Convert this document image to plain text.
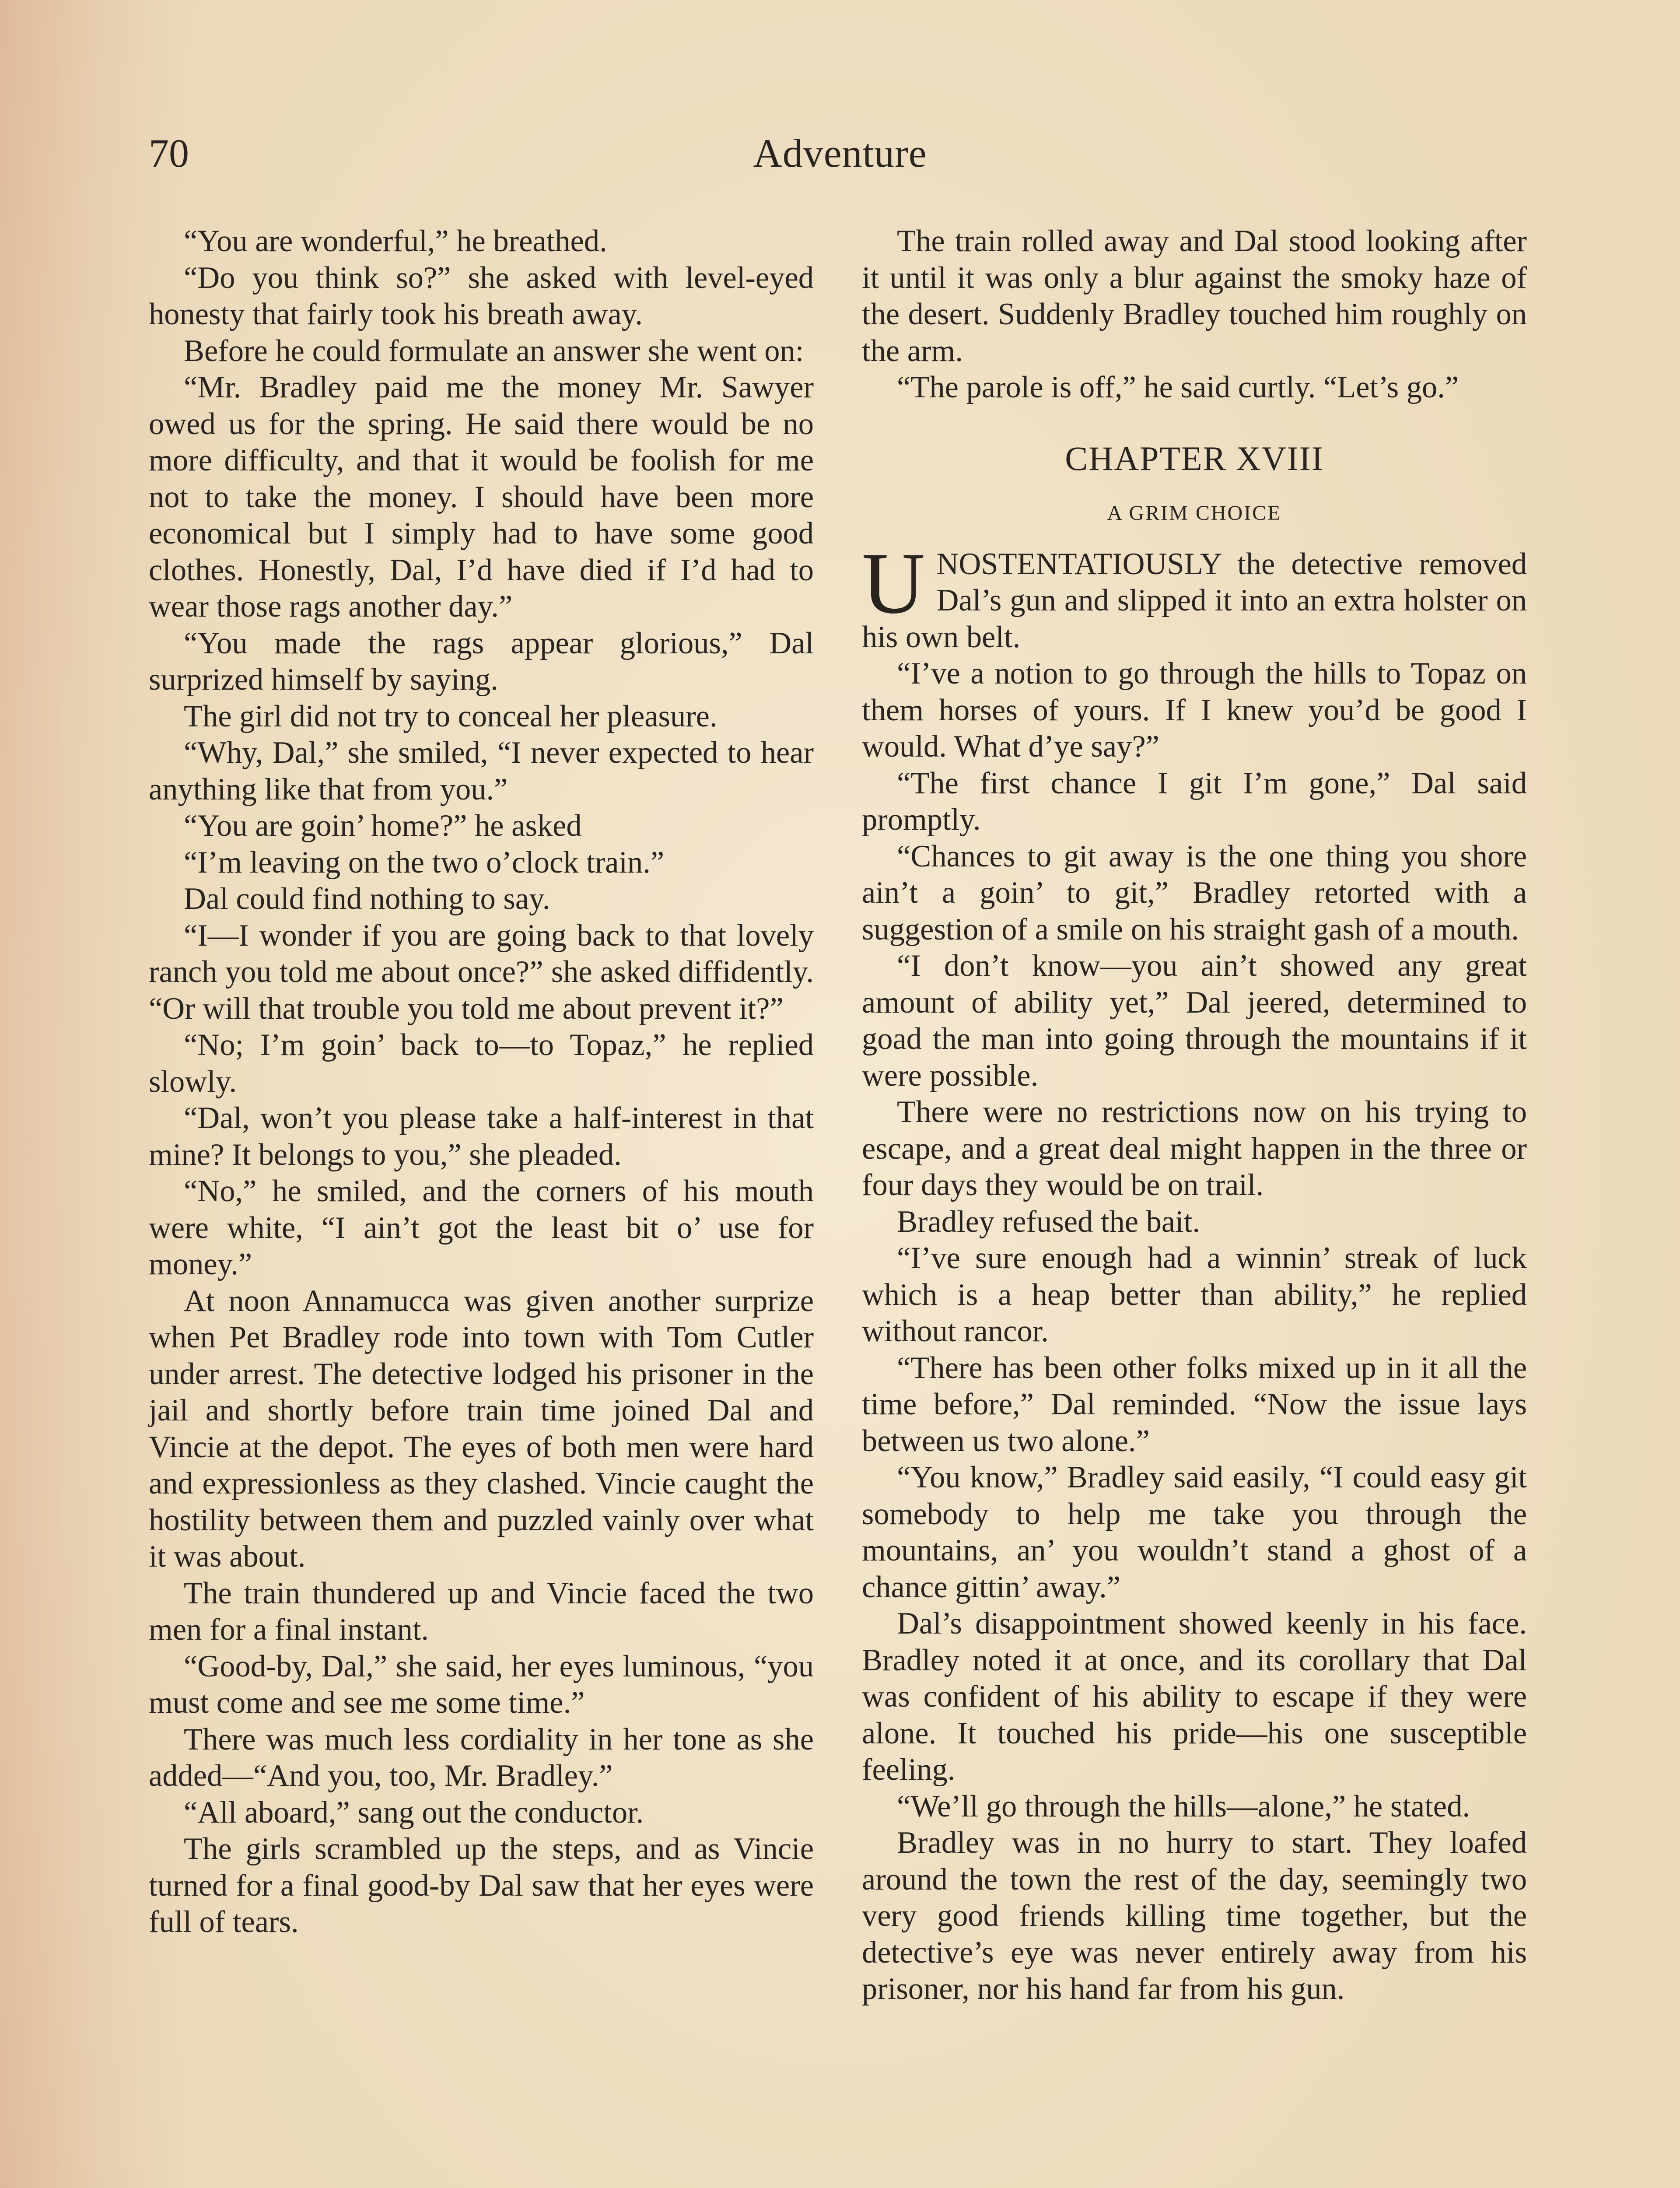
70	Adventure

“You are wonderful,” he breathed.

“Do you think so?” she asked with level-eyed honesty that fairly took his breath away.

Before he could formulate an answer she went on:

“Mr. Bradley paid me the money Mr. Sawyer owed us for the spring. He said there would be no more difficulty, and that it would be foolish for me not to take the money. I should have been more economical but I simply had to have some good clothes. Honestly, Dal, I’d have died if I’d had to wear those rags another day.”

“You made the rags appear glorious,” Dal surprized himself by saying.

The girl did not try to conceal her pleasure.

“Why, Dal,” she smiled, “I never expected to hear anything like that from you.”

“You are goin’ home?” he asked

“I’m leaving on the two o’clock train.”

Dal could find nothing to say.

“I—I wonder if you are going back to that lovely ranch you told me about once?” she asked diffidently. “Or will that trouble you told me about prevent it?”

“No; I’m goin’ back to—to Topaz,” he replied slowly.

“Dal, won’t you please take a half-interest in that mine? It belongs to you,” she pleaded.

“No,” he smiled, and the corners of his mouth were white, “I ain’t got the least bit o’ use for money.”

At noon Annamucca was given another surprize when Pet Bradley rode into town with Tom Cutler under arrest. The detective lodged his prisoner in the jail and shortly before train time joined Dal and Vincie at the depot. The eyes of both men were hard and expressionless as they clashed. Vincie caught the hostility between them and puzzled vainly over what it was about.

The train thundered up and Vincie faced the two men for a final instant.

“Good-by, Dal,” she said, her eyes luminous, “you must come and see me some time.”

There was much less cordiality in her tone as she added—“And you, too, Mr. Bradley.”

“All aboard,” sang out the conductor.

The girls scrambled up the steps, and as Vincie turned for a final good-by Dal saw that her eyes were full of tears.

The train rolled away and Dal stood looking after it until it was only a blur against the smoky haze of the desert. Suddenly Bradley touched him roughly on the arm.

“The parole is off,” he said curtly. “Let’s go.”

CHAPTER XVIII
A GRIM CHOICE

UNOSTENTATIOUSLY the detective removed Dal’s gun and slipped it into an extra holster on his own belt.

“I’ve a notion to go through the hills to Topaz on them horses of yours. If I knew you’d be good I would. What d’ye say?”

“The first chance I git I’m gone,” Dal said promptly.

“Chances to git away is the one thing you shore ain’t a goin’ to git,” Bradley retorted with a suggestion of a smile on his straight gash of a mouth.

“I don’t know—you ain’t showed any great amount of ability yet,” Dal jeered, determined to goad the man into going through the mountains if it were possible.

There were no restrictions now on his trying to escape, and a great deal might happen in the three or four days they would be on trail.

Bradley refused the bait.

“I’ve sure enough had a winnin’ streak of luck which is a heap better than ability,” he replied without rancor.

“There has been other folks mixed up in it all the time before,” Dal reminded. “Now the issue lays between us two alone.”

“You know,” Bradley said easily, “I could easy git somebody to help me take you through the mountains, an’ you wouldn’t stand a ghost of a chance gittin’ away.”

Dal’s disappointment showed keenly in his face. Bradley noted it at once, and its corollary that Dal was confident of his ability to escape if they were alone. It touched his pride—his one susceptible feeling.

“We’ll go through the hills—alone,” he stated.

Bradley was in no hurry to start. They loafed around the town the rest of the day, seemingly two very good friends killing time together, but the detective’s eye was never entirely away from his prisoner, nor his hand far from his gun.
